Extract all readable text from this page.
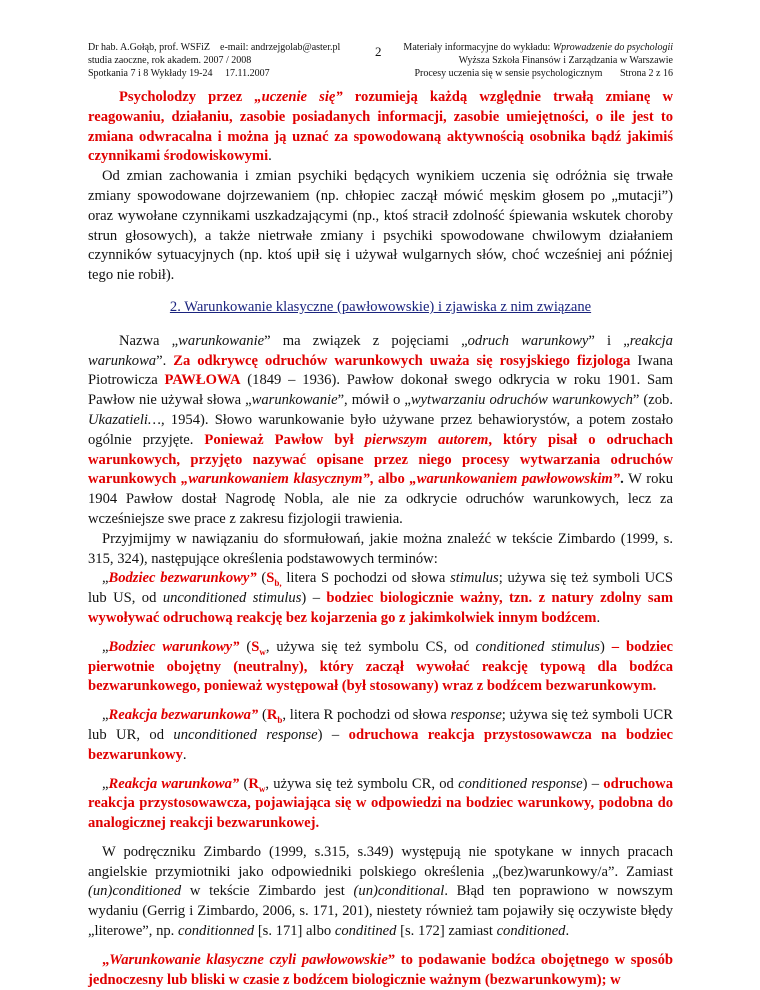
Dr hab. A.Gołąb, prof. WSFiZ e-mail: andrzejgolab@aster.pl
studia zaoczne, rok akadem. 2007 / 2008
Spotkania 7 i 8 Wykłady 19-24 17.11.2007
2	Materiały informacyjne do wykładu: Wprowadzenie do psychologii
Wyższa Szkoła Finansów i Zarządzania w Warszawie
Procesy uczenia się w sensie psychologicznym Strona 2 z 16

Psycholodzy przez „uczenie się” rozumieją każdą względnie trwałą zmianę w reagowaniu, działaniu, zasobie posiadanych informacji, zasobie umiejętności, o ile jest to zmiana odwracalna i można ją uznać za spowodowaną aktywnością osobnika bądź jakimiś czynnikami środowiskowymi.

Od zmian zachowania i zmian psychiki będących wynikiem uczenia się odróżnia się trwałe zmiany spowodowane dojrzewaniem (np. chłopiec zaczął mówić męskim głosem po „mutacji”) oraz wywołane czynnikami uszkadzającymi (np., ktoś stracił zdolność śpiewania wskutek choroby strun głosowych), a także nietrwałe zmiany i psychiki spowodowane chwilowym działaniem czynników sytuacyjnych (np. ktoś upił się i używał wulgarnych słów, choć wcześniej ani później tego nie robił).

2. Warunkowanie klasyczne (pawłowowskie) i zjawiska z nim związane

Nazwa „warunkowanie” ma związek z pojęciami „odruch warunkowy” i „reakcja warunkowa”. Za odkrywcę odruchów warunkowych uważa się rosyjskiego fizjologa Iwana Piotrowicza PAWŁOWA (1849 – 1936). Pawłow dokonał swego odkrycia w roku 1901. Sam Pawłow nie używał słowa „warunkowanie”, mówił o „wytwarzaniu odruchów warunkowych” (zob. Ukazatieli…, 1954). Słowo warunkowanie było używane przez behawiorystów, a potem zostało ogólnie przyjęte. Ponieważ Pawłow był pierwszym autorem, który pisał o odruchach warunkowych, przyjęto nazywać opisane przez niego procesy wytwarzania odruchów warunkowych „warunkowaniem klasycznym”, albo „warunkowaniem pawłowowskim”. W roku 1904 Pawłow dostał Nagrodę Nobla, ale nie za odkrycie odruchów warunkowych, lecz za wcześniejsze swe prace z zakresu fizjologii trawienia.

Przyjmijmy w nawiązaniu do sformułowań, jakie można znaleźć w tekście Zimbardo (1999, s. 315, 324), następujące określenia podstawowych terminów:

„Bodziec bezwarunkowy” ($S_{b,}$ litera S pochodzi od słowa stimulus; używa się też symboli UCS lub US, od unconditioned stimulus) – bodziec biologicznie ważny, tzn. z natury zdolny sam wywoływać odruchową reakcję bez kojarzenia go z jakimkolwiek innym bodźcem.

„Bodziec warunkowy” ($S_w$, używa się też symbolu CS, od conditioned stimulus) – bodziec pierwotnie obojętny (neutralny), który zaczął wywołać reakcję typową dla bodźca bezwarunkowego, ponieważ występował (był stosowany) wraz z bodźcem bezwarunkowym.

„Reakcja bezwarunkowa” ($R_b$, litera R pochodzi od słowa response; używa się też symboli UCR lub UR, od unconditioned response) – odruchowa reakcja przystosowawcza na bodziec bezwarunkowy.

„Reakcja warunkowa” ($R_w$, używa się też symbolu CR, od conditioned response) – odruchowa reakcja przystosowawcza, pojawiająca się w odpowiedzi na bodziec warunkowy, podobna do analogicznej reakcji bezwarunkowej.

W podręczniku Zimbardo (1999, s.315, s.349) występują nie spotykane w innych pracach angielskie przymiotniki jako odpowiedniki polskiego określenia „(bez)warunkowy/a”. Zamiast (un)conditioned w tekście Zimbardo jest (un)conditional. Błąd ten poprawiono w nowszym wydaniu (Gerrig i Zimbardo, 2006, s. 171, 201), niestety również tam pojawiły się oczywiste błędy „literowe”, np. conditionned [s. 171] albo conditined [s. 172] zamiast conditioned.

„Warunkowanie klasyczne czyli pawłowowskie” to podawanie bodźca obojętnego w sposób jednoczesny lub bliski w czasie z bodźcem biologicznie ważnym (bezwarunkowym); w
